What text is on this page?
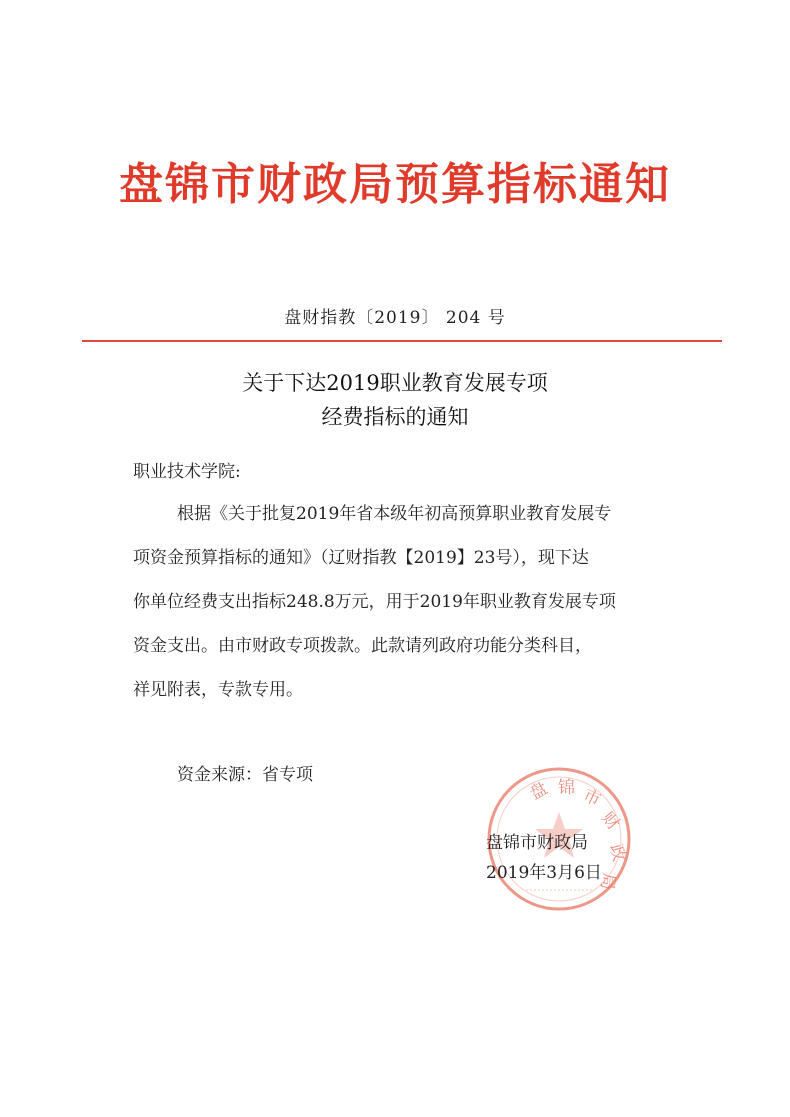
盘锦市财政局预算指标通知
盘财指教〔2019〕 204 号
关于下达2019职业教育发展专项
经费指标的通知
职业技术学院:

根据《关于批复2019年省本级年初高预算职业教育发展专
项资金预算指标的通知》（辽财指教【2019】23号），现下达
你单位经费支出指标248.8万元，用于2019年职业教育发展专项
资金支出。由市财政专项拨款。此款请列政府功能分类科目，
祥见附表，专款专用。

资金来源：省专项
盘 锦 市
财
政
局
盘锦市财政局
2019年3月6日
